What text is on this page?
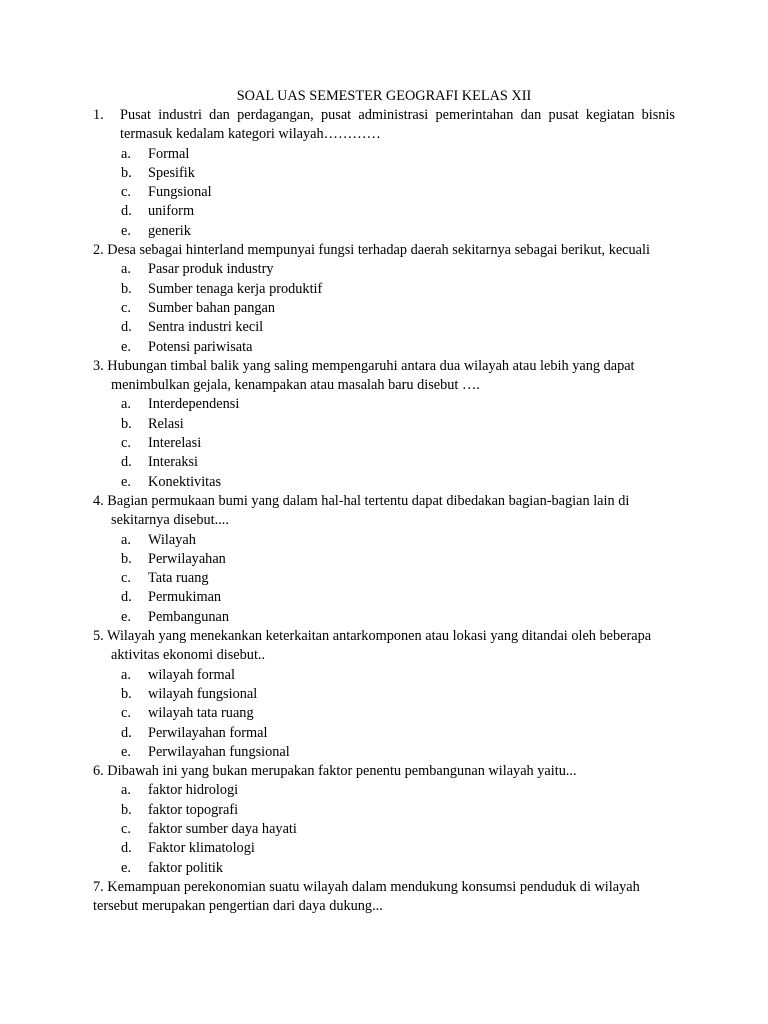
SOAL UAS SEMESTER GEOGRAFI KELAS XII
1.	Pusat industri dan perdagangan, pusat administrasi pemerintahan dan pusat kegiatan bisnis termasuk kedalam kategori wilayah…………
a.	Formal
b.	Spesifik
c.	Fungsional
d.	uniform
e.	generik
2. Desa sebagai hinterland mempunyai fungsi terhadap daerah sekitarnya sebagai berikut, kecuali
a.	Pasar produk industry
b.	Sumber tenaga kerja produktif
c.	Sumber bahan pangan
d.	Sentra industri kecil
e.	Potensi pariwisata
3. Hubungan timbal balik yang saling mempengaruhi antara dua wilayah atau lebih yang dapat menimbulkan gejala, kenampakan atau masalah baru disebut ….
a.	Interdependensi
b.	Relasi
c.	Interelasi
d.	Interaksi
e.	Konektivitas
4. Bagian permukaan bumi yang dalam hal-hal tertentu dapat dibedakan bagian-bagian lain di sekitarnya disebut....
a.	Wilayah
b.	Perwilayahan
c.	Tata ruang
d.	Permukiman
e.	Pembangunan
5. Wilayah yang menekankan keterkaitan antarkomponen atau lokasi yang ditandai oleh beberapa aktivitas ekonomi disebut..
a.	wilayah formal
b.	wilayah fungsional
c.	wilayah tata ruang
d.	Perwilayahan formal
e.	Perwilayahan fungsional
6. Dibawah ini yang bukan merupakan faktor penentu pembangunan wilayah yaitu...
a.	faktor hidrologi
b.	faktor topografi
c.	faktor sumber daya hayati
d.	Faktor klimatologi
e.	faktor politik
7. Kemampuan perekonomian suatu wilayah dalam mendukung konsumsi penduduk di wilayah tersebut merupakan pengertian dari daya dukung...
